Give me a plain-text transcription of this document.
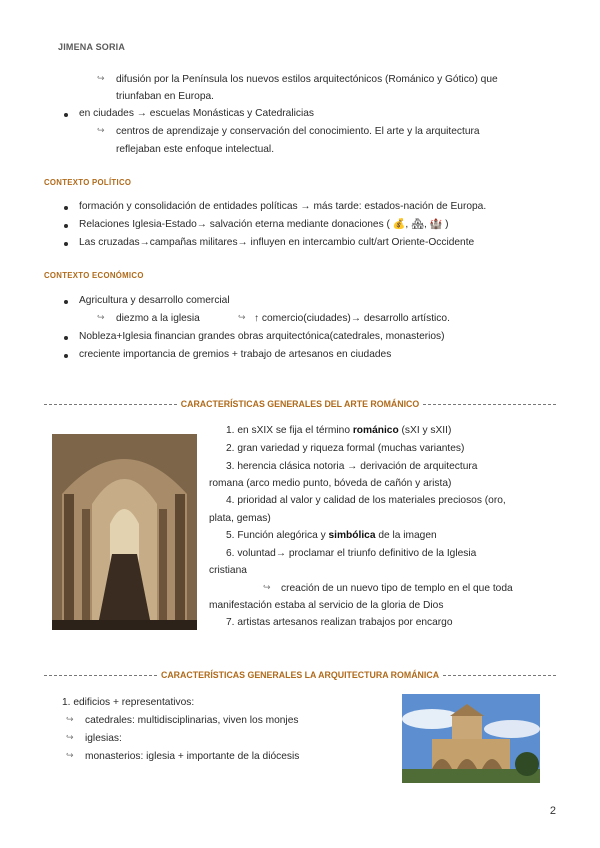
JIMENA SORIA
↪ difusión por la Península los nuevos estilos arquitectónicos (Románico y Gótico) que
triunfaban en Europa.
en ciudades → escuelas Monásticas y Catedralicias
↪ centros de aprendizaje y conservación del conocimiento. El arte y la arquitectura
reflejaban este enfoque intelectual.
CONTEXTO POLÍTICO
formación y consolidación de entidades políticas → más tarde: estados-nación de Europa.
Relaciones Iglesia-Estado→ salvación eterna mediante donaciones ( 💰, 🏘, 🏰 )
Las cruzadas→campañas militares→ influyen en intercambio cult/art Oriente-Occidente
CONTEXTO ECONÓMICO
Agricultura y desarrollo comercial
↪ diezmo a la iglesia	↪ ↑ comercio(ciudades)→ desarrollo artístico.
Nobleza+Iglesia financian grandes obras arquitectónica(catedrales, monasterios)
creciente importancia de gremios + trabajo de artesanos en ciudades
CARACTERÍSTICAS GENERALES DEL ARTE ROMÁNICO
1. en sXIX se fija el término románico (sXI y sXII)
2. gran variedad y riqueza formal (muchas variantes)
3. herencia clásica notoria → derivación de arquitectura
romana (arco medio punto, bóveda de cañón y arista)
4. prioridad al valor y calidad de los materiales preciosos (oro,
plata, gemas)
5. Función alegórica y simbólica de la imagen
6. voluntad→ proclamar el triunfo definitivo de la Iglesia
cristiana
↪ creación de un nuevo tipo de templo en el que toda
manifestación estaba al servicio de la gloria de Dios
7. artistas artesanos realizan trabajos por encargo
CARACTERÍSTICAS GENERALES LA ARQUITECTURA ROMÁNICA
1. edificios + representativos:
↪ catedrales: multidisciplinarias, viven los monjes
↪ iglesias:
↪ monasterios: iglesia + importante de la diócesis
2
